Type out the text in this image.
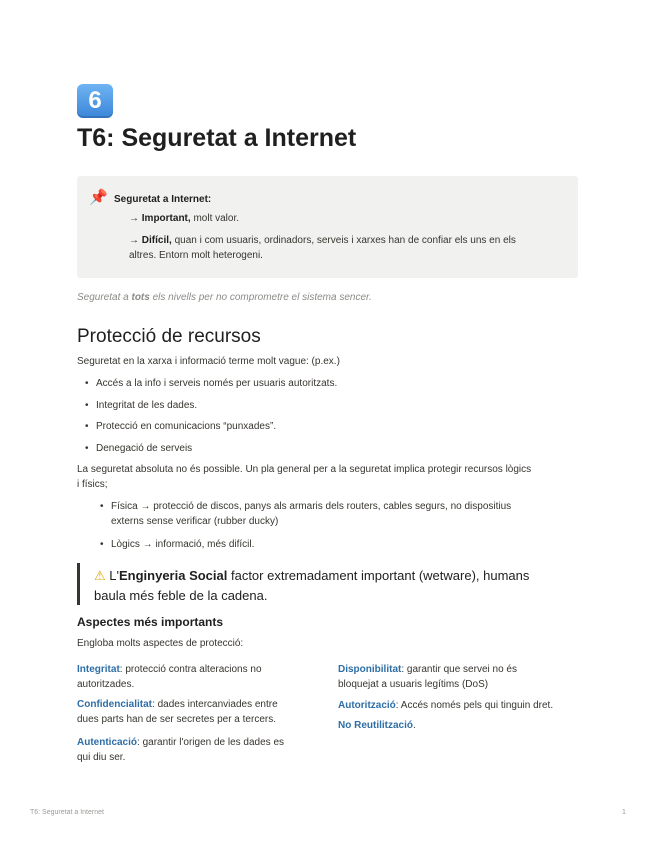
6
T6: Seguretat a Internet
📌 Seguretat a Internet:
→ Important, molt valor.
→ Difícil, quan i com usuaris, ordinadors, serveis i xarxes han de confiar els uns en els
altres. Entorn molt heterogeni.
Seguretat a tots els nivells per no comprometre el sistema sencer.
Protecció de recursos
Seguretat en la xarxa i informació terme molt vague: (p.ex.)
• Accés a la info i serveis només per usuaris autoritzats.
• Integritat de les dades.
• Protecció en comunicacions “punxades”.
• Denegació de serveis
La seguretat absoluta no és possible. Un pla general per a la seguretat implica protegir recursos lògics
i físics;
• Física → protecció de discos, panys als armaris dels routers, cables segurs, no dispositius
externs sense verificar (rubber ducky)
• Lògics → informació, més difícil.
⚠ L'Enginyeria Social factor extremadament important (wetware), humans
baula més feble de la cadena.
Aspectes més importants
Engloba molts aspectes de protecció:
Integritat: protecció contra alteracions no
autoritzades.
Confidencialitat: dades intercanviades entre
dues parts han de ser secretes per a tercers.
Autenticació: garantir l'origen de les dades es
qui diu ser.
Disponibilitat: garantir que servei no és
bloquejat a usuaris legítims (DoS)
Autorització: Accés només pels qui tinguin dret.
No Reutilització.
T6: Seguretat a Internet	1
